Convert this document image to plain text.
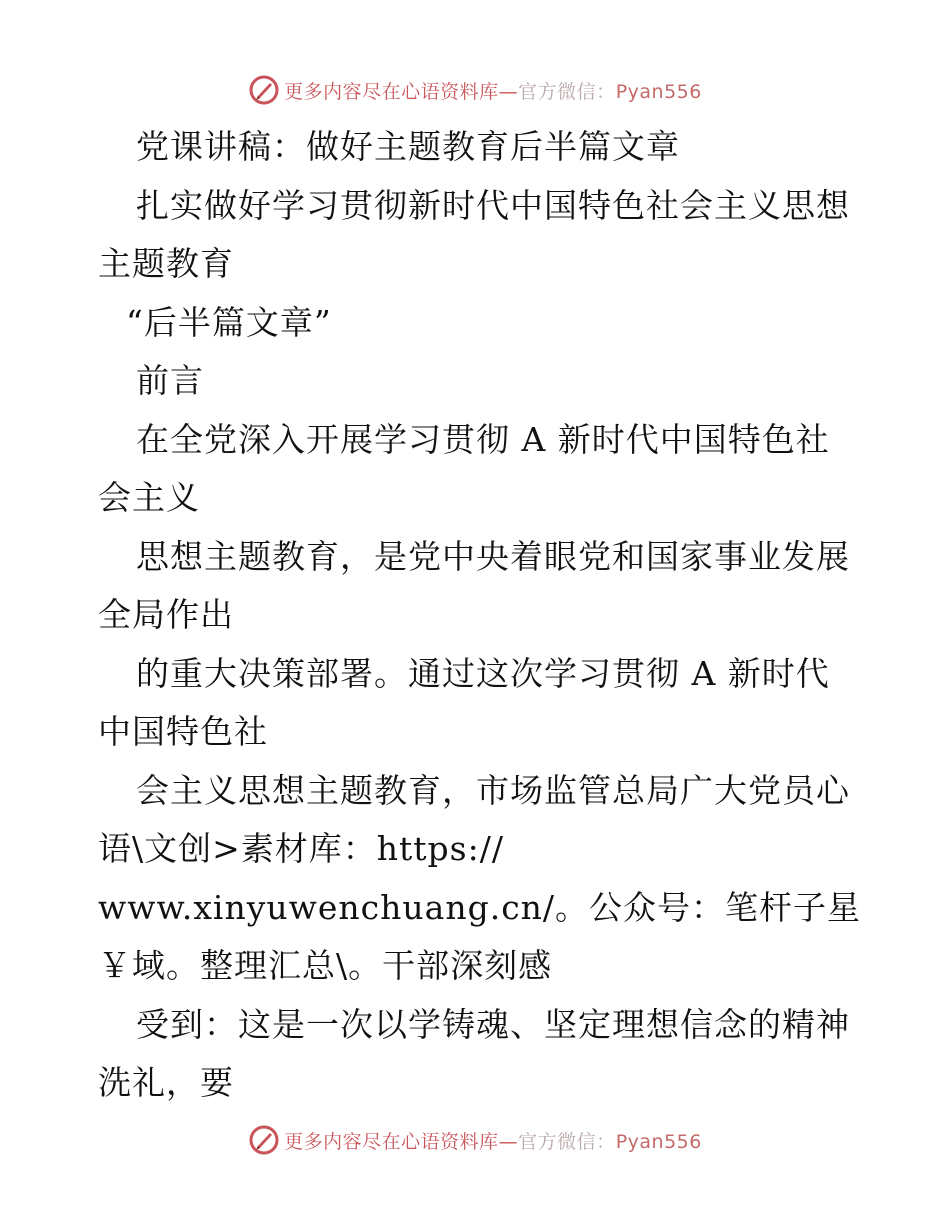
更多内容尽在心语资料库—官方微信：Pyan556
党课讲稿：做好主题教育后半篇文章
扎实做好学习贯彻新时代中国特色社会主义思想
主题教育
“后半篇文章”
前言
在全党深入开展学习贯彻 A 新时代中国特色社
会主义
思想主题教育，是党中央着眼党和国家事业发展
全局作出
的重大决策部署。通过这次学习贯彻 A 新时代
中国特色社
会主义思想主题教育，市场监管总局广大党员心
语\文创>素材库：https://
www.xinyuwenchuang.cn/。公众号：笔杆子星
￥域。整理汇总\。干部深刻感
受到：这是一次以学铸魂、坚定理想信念的精神
洗礼，要
更多内容尽在心语资料库—官方微信：Pyan556
